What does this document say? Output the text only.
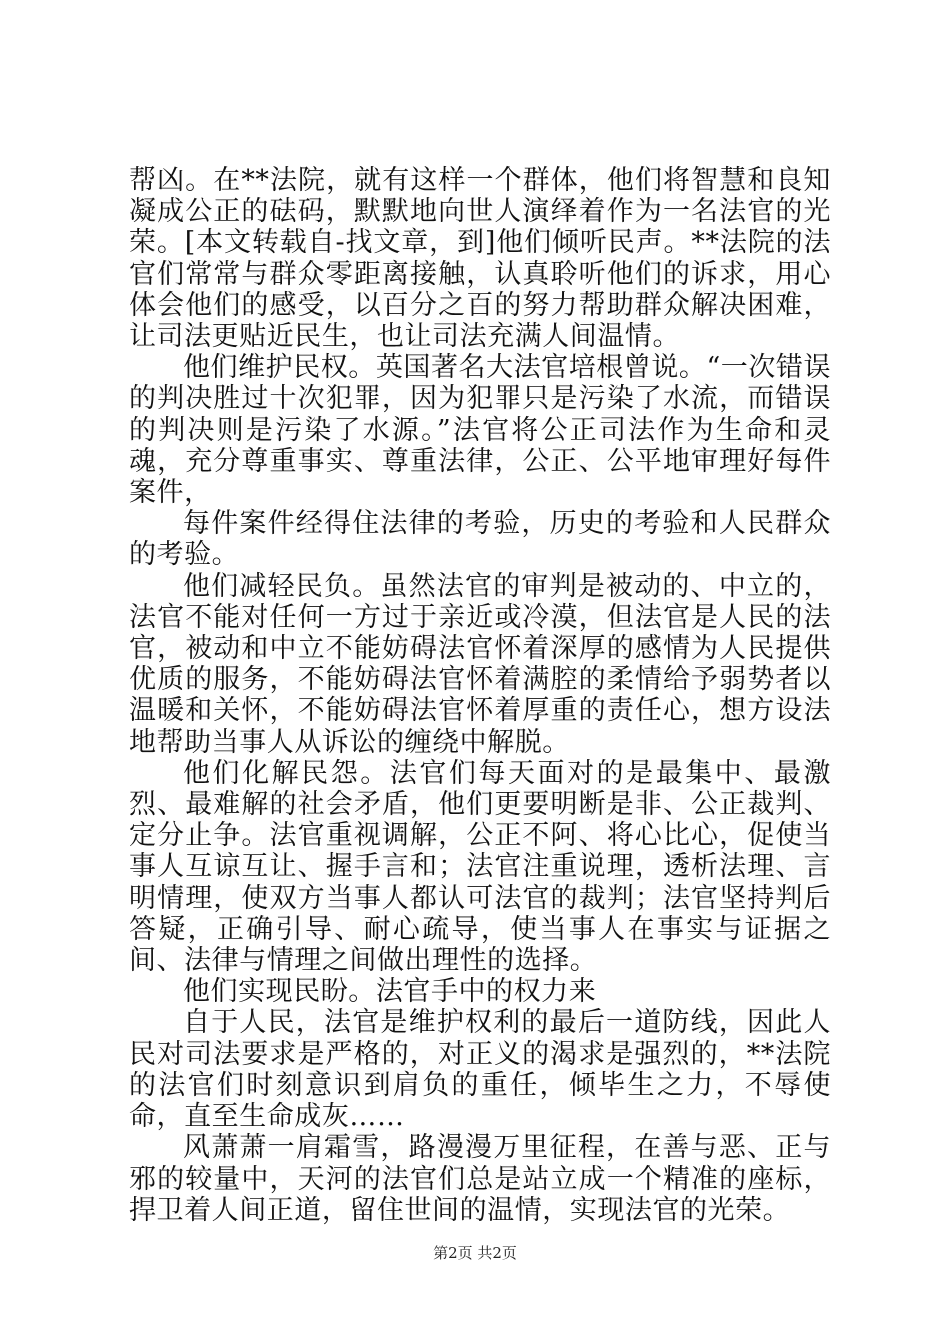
帮凶。在**法院，就有这样一个群体，他们将智慧和良知凝成公正的砝码，默默地向世人演绎着作为一名法官的光荣。[本文转载自-找文章，到]他们倾听民声。**法院的法官们常常与群众零距离接触，认真聆听他们的诉求，用心体会他们的感受，以百分之百的努力帮助群众解决困难，让司法更贴近民生，也让司法充满人间温情。

他们维护民权。英国著名大法官培根曾说。“一次错误的判决胜过十次犯罪，因为犯罪只是污染了水流，而错误的判决则是污染了水源。”法官将公正司法作为生命和灵魂，充分尊重事实、尊重法律，公正、公平地审理好每件案件，

每件案件经得住法律的考验，历史的考验和人民群众的考验。

他们减轻民负。虽然法官的审判是被动的、中立的，法官不能对任何一方过于亲近或冷漠，但法官是人民的法官，被动和中立不能妨碍法官怀着深厚的感情为人民提供优质的服务，不能妨碍法官怀着满腔的柔情给予弱势者以温暖和关怀，不能妨碍法官怀着厚重的责任心，想方设法地帮助当事人从诉讼的缠绕中解脱。

他们化解民怨。法官们每天面对的是最集中、最激烈、最难解的社会矛盾，他们更要明断是非、公正裁判、定分止争。法官重视调解，公正不阿、将心比心，促使当事人互谅互让、握手言和；法官注重说理，透析法理、言明情理，使双方当事人都认可法官的裁判；法官坚持判后答疑，正确引导、耐心疏导，使当事人在事实与证据之间、法律与情理之间做出理性的选择。

他们实现民盼。法官手中的权力来

自于人民，法官是维护权利的最后一道防线，因此人民对司法要求是严格的，对正义的渴求是强烈的，**法院的法官们时刻意识到肩负的重任，倾毕生之力，不辱使命，直至生命成灰……

风萧萧一肩霜雪，路漫漫万里征程，在善与恶、正与邪的较量中，天河的法官们总是站立成一个精准的座标，捍卫着人间正道，留住世间的温情，实现法官的光荣。

第2页 共2页
